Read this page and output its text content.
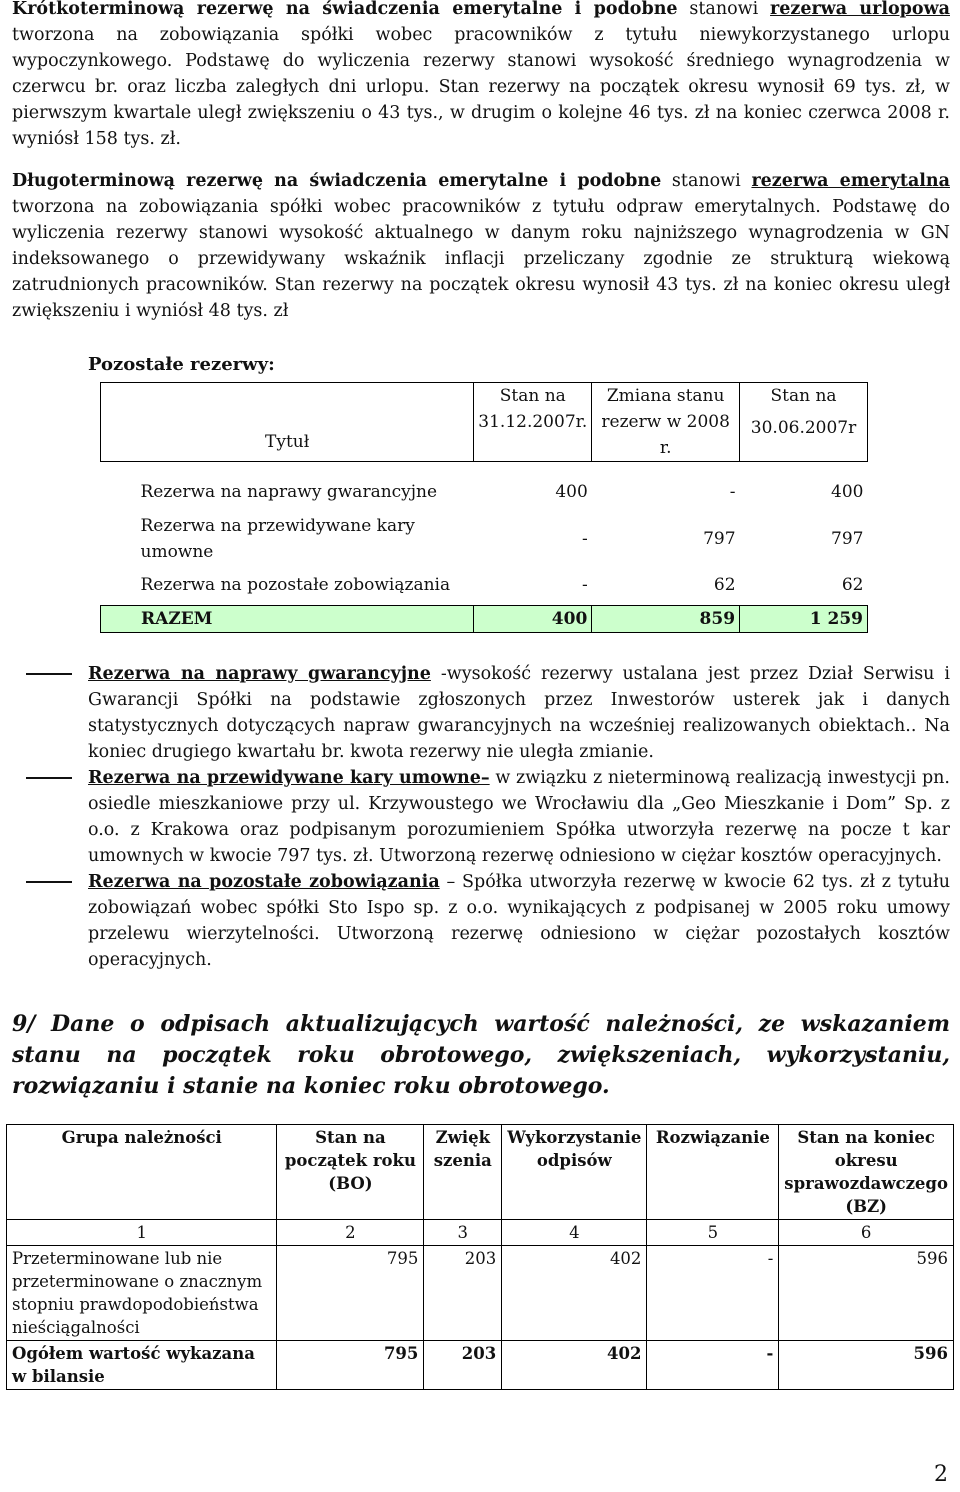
Krótkoterminową rezerwę na świadczenia emerytalne i podobne stanowi rezerwa urlopowa tworzona na zobowiązania spółki wobec pracowników z tytułu niewykorzystanego urlopu wypoczynkowego. Podstawę do wyliczenia rezerwy stanowi wysokość średniego wynagrodzenia w czerwcu br. oraz liczba zaległych dni urlopu. Stan rezerwy na początek okresu wynosił 69 tys. zł, w pierwszym kwartale uległ zwiększeniu o 43 tys., w drugim o kolejne 46 tys. zł na koniec czerwca 2008 r. wyniósł 158 tys. zł.

Długoterminową rezerwę na świadczenia emerytalne i podobne stanowi rezerwa emerytalna tworzona na zobowiązania spółki wobec pracowników z tytułu odpraw emerytalnych. Podstawę do wyliczenia rezerwy stanowi wysokość aktualnego w danym roku najniższego wynagrodzenia w GN indeksowanego o przewidywany wskaźnik inflacji przeliczany zgodnie ze strukturą wiekową zatrudnionych pracowników. Stan rezerwy na początek okresu wynosił 43 tys. zł na koniec okresu uległ zwiększeniu i wyniósł 48 tys. zł

Pozostałe rezerwy:
	Stan na	Zmiana stanu	Stan na
Tytuł	31.12.2007r.	rezerw w 2008 r.	30.06.2007r

Rezerwa na naprawy gwarancyjne	400	-	400
Rezerwa na przewidywane kary umowne	-	797	797
Rezerwa na pozostałe zobowiązania	-	62	62
RAZEM	400	859	1 259
Rezerwa na naprawy gwarancyjne -wysokość rezerwy ustalana jest przez Dział Serwisu i Gwarancji Spółki na podstawie zgłoszonych przez Inwestorów usterek jak i danych statystycznych dotyczących napraw gwarancyjnych na wcześniej realizowanych obiektach.. Na koniec drugiego kwartału br. kwota rezerwy nie uległa zmianie.
Rezerwa na przewidywane kary umowne– w związku z nieterminową realizacją inwestycji pn. osiedle mieszkaniowe przy ul. Krzywoustego we Wrocławiu dla „Geo Mieszkanie i Dom” Sp. z o.o. z Krakowa oraz podpisanym porozumieniem Spółka utworzyła rezerwę na pocze t kar umownych w kwocie 797 tys. zł. Utworzoną rezerwę odniesiono w ciężar kosztów operacyjnych.
Rezerwa na pozostałe zobowiązania – Spółka utworzyła rezerwę w kwocie 62 tys. zł z tytułu zobowiązań wobec spółki Sto Ispo sp. z o.o. wynikających z podpisanej w 2005 roku umowy przelewu wierzytelności. Utworzoną rezerwę odniesiono w ciężar pozostałych kosztów operacyjnych.
9/ Dane o odpisach aktualizujących wartość należności, ze wskazaniem stanu na początek roku obrotowego, zwiększeniach, wykorzystaniu, rozwiązaniu i stanie na koniec roku obrotowego.
Grupa należności	Stan na początek roku (BO)	Zwięk szenia	Wykorzystanie odpisów	Rozwiązanie	Stan na koniec okresu sprawozdawczego (BZ)
1	2	3	4	5	6
Przeterminowane lub nie przeterminowane o znacznym stopniu prawdopodobieństwa nieściągalności	795	203	402	-	596
Ogółem wartość wykazana w bilansie	795	203	402	-	596
2
